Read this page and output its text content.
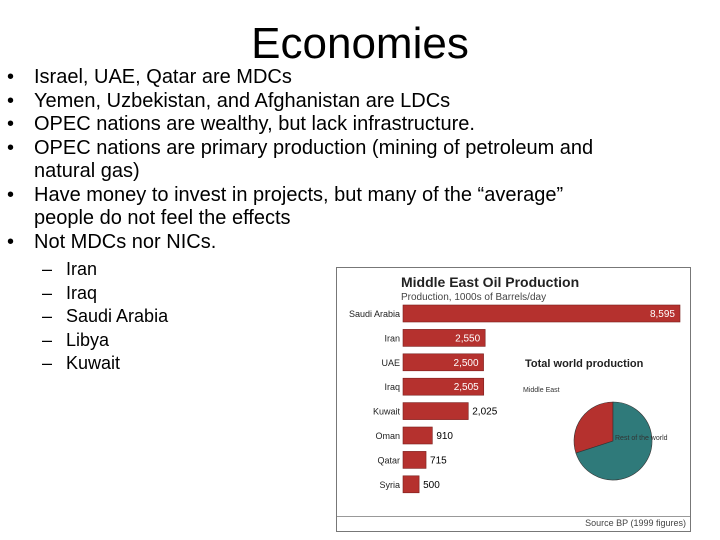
Economies
• Israel, UAE, Qatar are MDCs
• Yemen, Uzbekistan, and Afghanistan are LDCs
• OPEC nations are wealthy, but lack infrastructure.
• OPEC nations are primary production (mining of petroleum and natural gas)
• Have money to invest in projects, but many of the “average” people do not feel the effects
• Not MDCs nor NICs.
– Iran
– Iraq
– Saudi Arabia
– Libya
– Kuwait
Middle East Oil Production
Production, 1000s of Barrels/day
Saudi Arabia	8,595
Iran	2,550
UAE	2,500
Iraq	2,505
Kuwait	2,025
Oman	910
Qatar	715
Syria 500
Total world production
Middle East
Rest of the world
Source BP (1999 figures)
